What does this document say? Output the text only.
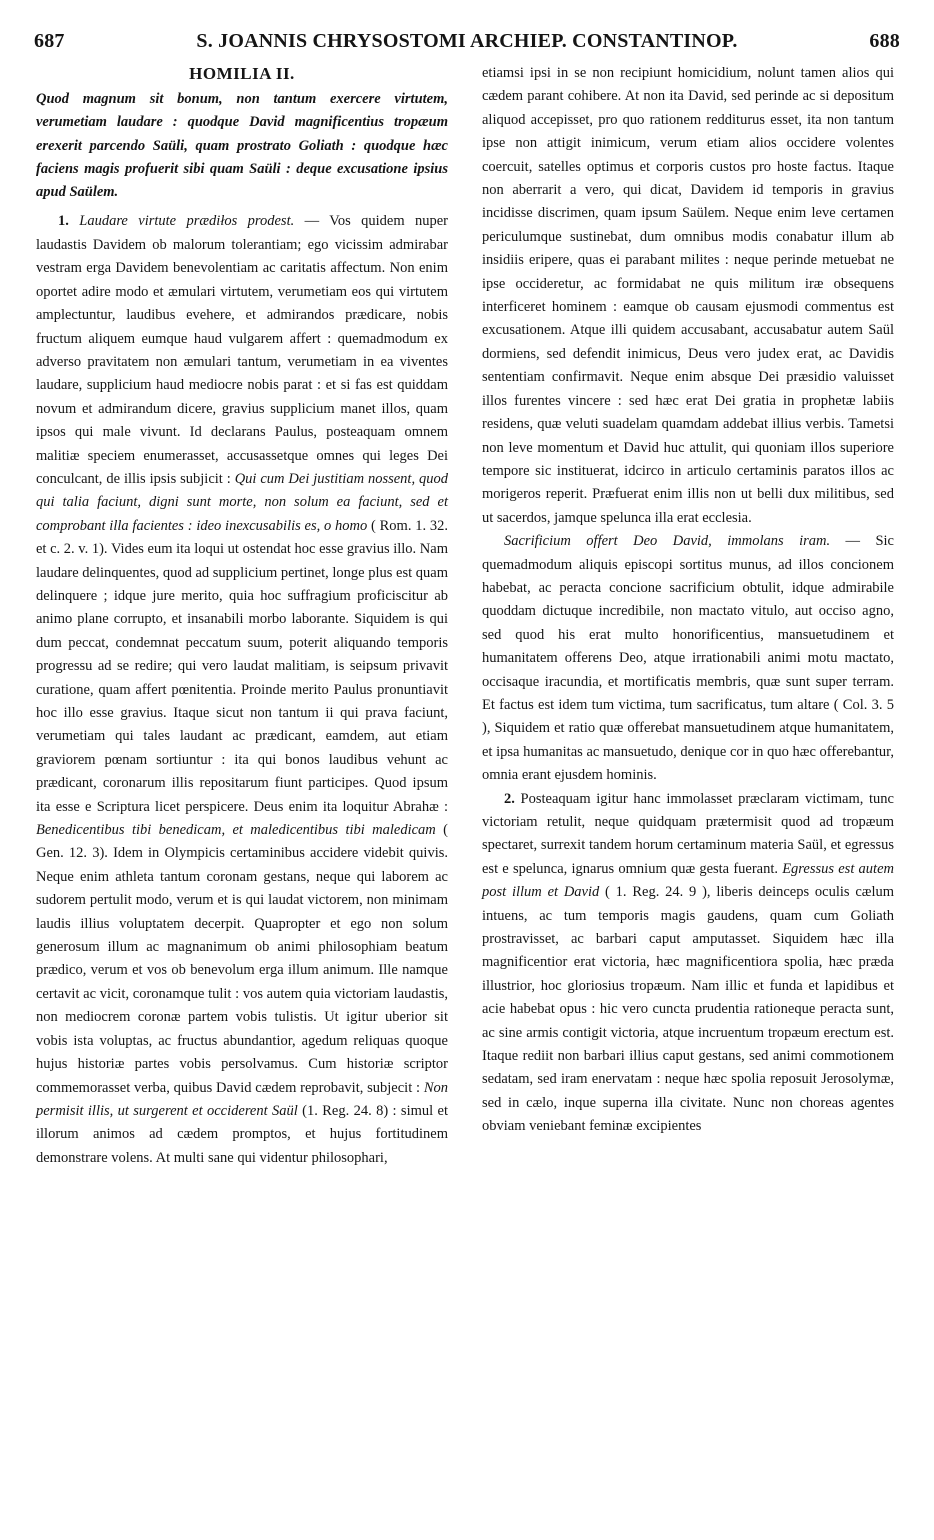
687	S. JOANNIS CHRYSOSTOMI ARCHIEP. CONSTANTINOP.	688
HOMILIA II.

Quod magnum sit bonum, non tantum exercere virtutem, verumetiam laudare : quodque David magnificentius tropæum erexerit parcendo Saüli, quam prostrato Goliath : quodque hæc faciens magis profuerit sibi quam Saüli : deque excusatione ipsius apud Saülem.

1. Laudare virtute prædiłos prodest. — Vos quidem nuper laudastis Davidem ob malorum tolerantiam; ego vicissim admirabar vestram erga Davidem benevolentiam ac caritatis affectum. Non enim oportet adire modo et æmulari virtutem, verumetiam eos qui virtutem amplectuntur, laudibus evehere, et admirandos prædicare, nobis fructum aliquem eumque haud vulgarem affert : quemadmodum ex adverso pravitatem non æmulari tantum, verumetiam in ea viventes laudare, supplicium haud mediocre nobis parat : et si fas est quiddam novum et admirandum dicere, gravius supplicium manet illos, quam ipsos qui male vivunt. Id declarans Paulus, posteaquam omnem malitiæ speciem enumerasset, accusassetque omnes qui leges Dei conculcant, de illis ipsis subjicit : Qui cum Dei justitiam nossent, quod qui talia faciunt, digni sunt morte, non solum ea faciunt, sed et comprobant illa facientes : ideo inexcusabilis es, o homo ( Rom. 1. 32. et c. 2. v. 1). Vides eum ita loqui ut ostendat hoc esse gravius illo. Nam laudare delinquentes, quod ad supplicium pertinet, longe plus est quam delinquere ; idque jure merito, quia hoc suffragium proficiscitur ab animo plane corrupto, et insanabili morbo laborante. Siquidem is qui dum peccat, condemnat peccatum suum, poterit aliquando temporis progressu ad se redire; qui vero laudat malitiam, is seipsum privavit curatione, quam affert pœnitentia. Proinde merito Paulus pronuntiavit hoc illo esse gravius. Itaque sicut non tantum ii qui prava faciunt, verumetiam qui tales laudant ac prædicant, eamdem, aut etiam graviorem pœnam sortiuntur : ita qui bonos laudibus vehunt ac prædicant, coronarum illis repositarum fiunt participes. Quod ipsum ita esse e Scriptura licet perspicere. Deus enim ita loquitur Abrahæ : Benedicentibus tibi benedicam, et maledicentibus tibi maledicam ( Gen. 12. 3). Idem in Olympicis certaminibus accidere videbit quivis. Neque enim athleta tantum coronam gestans, neque qui laborem ac sudorem pertulit modo, verum et is qui laudat victorem, non minimam laudis illius voluptatem decerpit. Quapropter et ego non solum generosum illum ac magnanimum ob animi philosophiam beatum prædico, verum et vos ob benevolum erga illum animum. Ille namque certavit ac vicit, coronamque tulit : vos autem quia victoriam laudastis, non mediocrem coronæ partem vobis tulistis. Ut igitur uberior sit vobis ista voluptas, ac fructus abundantior, agedum reliquas quoque hujus historiæ partes vobis persolvamus. Cum historiæ scriptor commemorasset verba, quibus David cædem reprobavit, subjecit : Non permisit illis, ut surgerent et occiderent Saül (1. Reg. 24. 8) : simul et illorum animos ad cædem promptos, et hujus fortitudinem demonstrare volens. At multi sane qui videntur philosophari,

etiamsi ipsi in se non recipiunt homicidium, nolunt tamen alios qui cædem parant cohibere. At non ita David, sed perinde ac si depositum aliquod accepisset, pro quo rationem redditurus esset, ita non tantum ipse non attigit inimicum, verum etiam alios occidere volentes coercuit, satelles optimus et corporis custos pro hoste factus. Itaque non aberrarit a vero, qui dicat, Davidem id temporis in gravius incidisse discrimen, quam ipsum Saülem. Neque enim leve certamen periculumque sustinebat, dum omnibus modis conabatur illum ab insidiis eripere, quas ei parabant milites : neque perinde metuebat ne ipse occideretur, ac formidabat ne quis militum iræ obsequens interficeret hominem : eamque ob causam ejusmodi commentus est excusationem. Atque illi quidem accusabant, accusabatur autem Saül dormiens, sed defendit inimicus, Deus vero judex erat, ac Davidis sententiam confirmavit. Neque enim absque Dei præsidio valuisset illos furentes vincere : sed hæc erat Dei gratia in prophetæ labiis residens, quæ veluti suadelam quamdam addebat illius verbis. Tametsi non leve momentum et David huc attulit, qui quoniam illos superiore tempore sic instituerat, idcirco in articulo certaminis paratos illos ac morigeros reperit. Præfuerat enim illis non ut belli dux militibus, sed ut sacerdos, jamque spelunca illa erat ecclesia.

Sacrificium offert Deo David, immolans iram. — Sic quemadmodum aliquis episcopi sortitus munus, ad illos concionem habebat, ac peracta concione sacrificium obtulit, idque admirabile quoddam dictuque incredibile, non mactato vitulo, aut occiso agno, sed quod his erat multo honorificentius, mansuetudinem et humanitatem offerens Deo, atque irrationabili animi motu mactato, occisaque iracundia, et mortificatis membris, quæ sunt super terram. Et factus est idem tum victima, tum sacrificatus, tum altare ( Col. 3. 5 ), Siquidem et ratio quæ offerebat mansuetudinem atque humanitatem, et ipsa humanitas ac mansuetudo, denique cor in quo hæc offerebantur, omnia erant ejusdem hominis.

2. Posteaquam igitur hanc immolasset præclaram victimam, tunc victoriam retulit, neque quidquam prætermisit quod ad tropæum spectaret, surrexit tandem horum certaminum materia Saül, et egressus est e spelunca, ignarus omnium quæ gesta fuerant. Egressus est autem post illum et David ( 1. Reg. 24. 9 ), liberis deinceps oculis cælum intuens, ac tum temporis magis gaudens, quam cum Goliath prostravisset, ac barbari caput amputasset. Siquidem hæc illa magnificentior erat victoria, hæc magnificentiora spolia, hæc præda illustrior, hoc gloriosius tropæum. Nam illic et funda et lapidibus et acie habebat opus : hic vero cuncta prudentia rationeque peracta sunt, ac sine armis contigit victoria, atque incruentum tropæum erectum est. Itaque rediit non barbari illius caput gestans, sed animi commotionem sedatam, sed iram enervatam : neque hæc spolia reposuit Jerosolymæ, sed in cælo, inque superna illa civitate. Nunc non choreas agentes obviam veniebant feminæ excipientes
